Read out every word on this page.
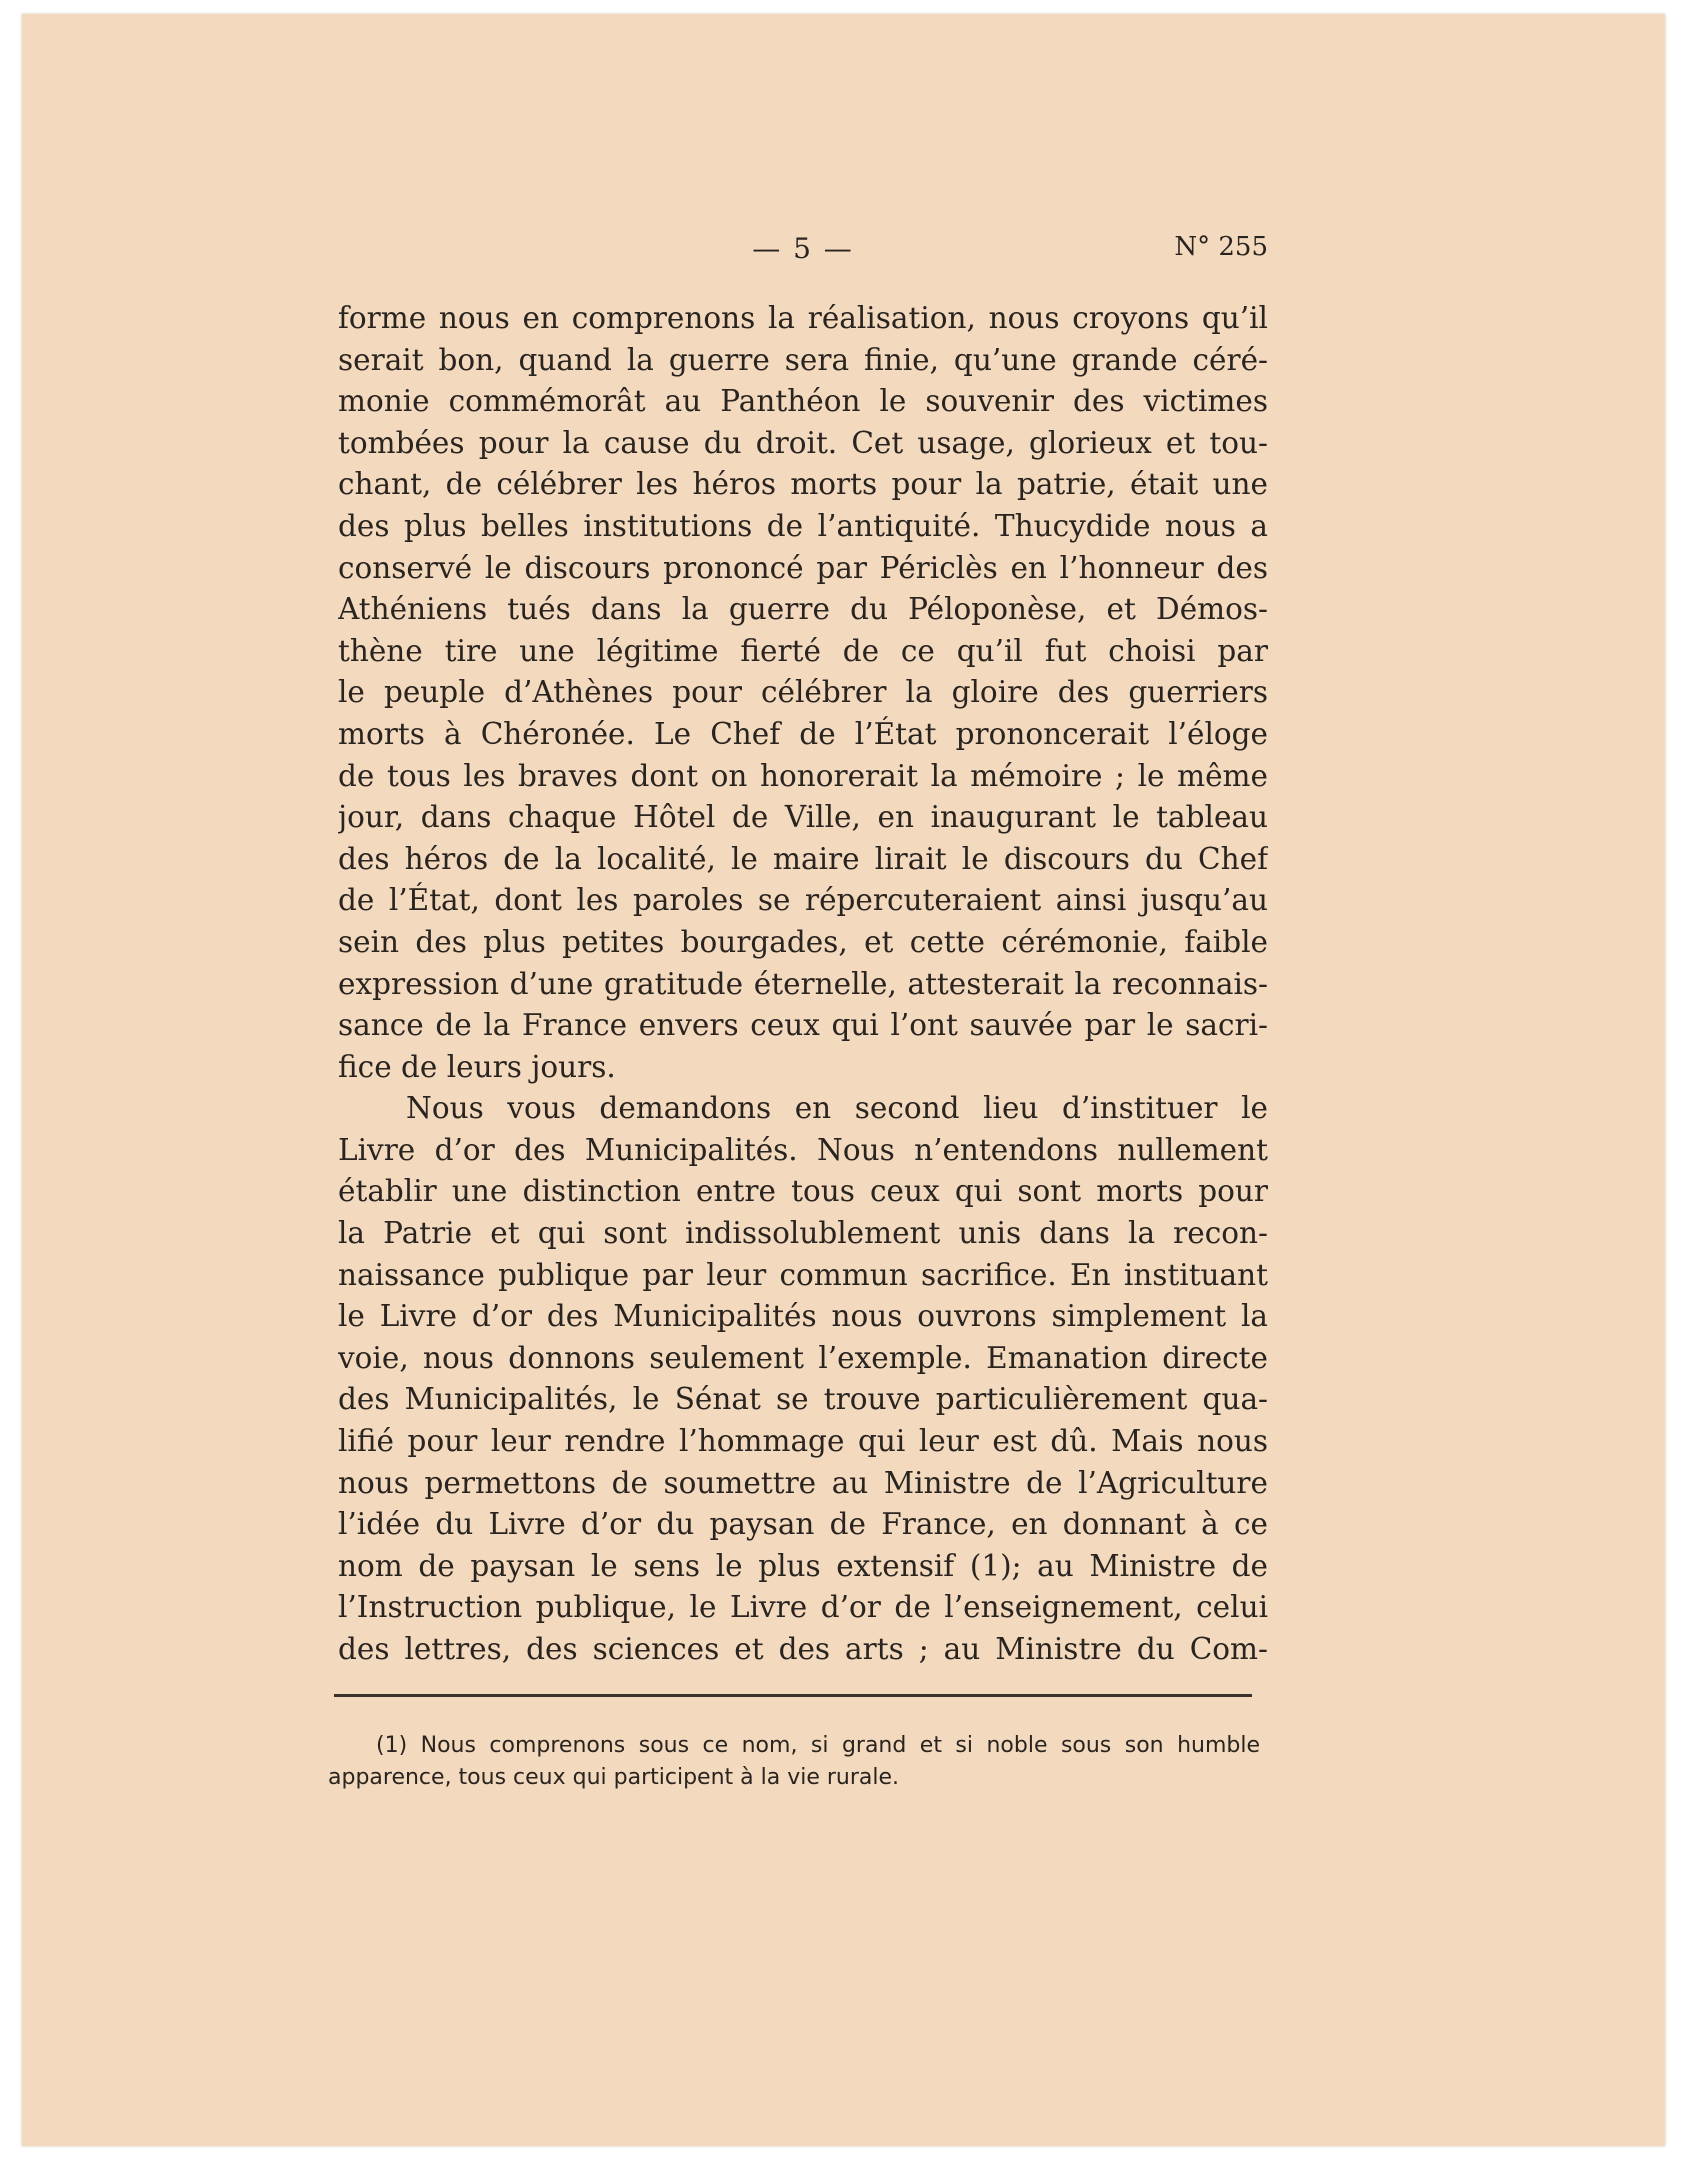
— 5 —	N° 255
forme nous en comprenons la réalisation, nous croyons qu’il
serait bon, quand la guerre sera finie, qu’une grande céré-
monie commémorât au Panthéon le souvenir des victimes
tombées pour la cause du droit. Cet usage, glorieux et tou-
chant, de célébrer les héros morts pour la patrie, était une
des plus belles institutions de l’antiquité. Thucydide nous a
conservé le discours prononcé par Périclès en l’honneur des
Athéniens tués dans la guerre du Péloponèse, et Démos-
thène tire une légitime fierté de ce qu’il fut choisi par
le peuple d’Athènes pour célébrer la gloire des guerriers
morts à Chéronée. Le Chef de l’État prononcerait l’éloge
de tous les braves dont on honorerait la mémoire ; le même
jour, dans chaque Hôtel de Ville, en inaugurant le tableau
des héros de la localité, le maire lirait le discours du Chef
de l’État, dont les paroles se répercuteraient ainsi jusqu’au
sein des plus petites bourgades, et cette cérémonie, faible
expression d’une gratitude éternelle, attesterait la reconnais-
sance de la France envers ceux qui l’ont sauvée par le sacri-
fice de leurs jours.
Nous vous demandons en second lieu d’instituer le
Livre d’or des Municipalités. Nous n’entendons nullement
établir une distinction entre tous ceux qui sont morts pour
la Patrie et qui sont indissolublement unis dans la recon-
naissance publique par leur commun sacrifice. En instituant
le Livre d’or des Municipalités nous ouvrons simplement la
voie, nous donnons seulement l’exemple. Emanation directe
des Municipalités, le Sénat se trouve particulièrement qua-
lifié pour leur rendre l’hommage qui leur est dû. Mais nous
nous permettons de soumettre au Ministre de l’Agriculture
l’idée du Livre d’or du paysan de France, en donnant à ce
nom de paysan le sens le plus extensif (1); au Ministre de
l’Instruction publique, le Livre d’or de l’enseignement, celui
des lettres, des sciences et des arts ; au Ministre du Com-
(1) Nous comprenons sous ce nom, si grand et si noble sous son humble
apparence, tous ceux qui participent à la vie rurale.
